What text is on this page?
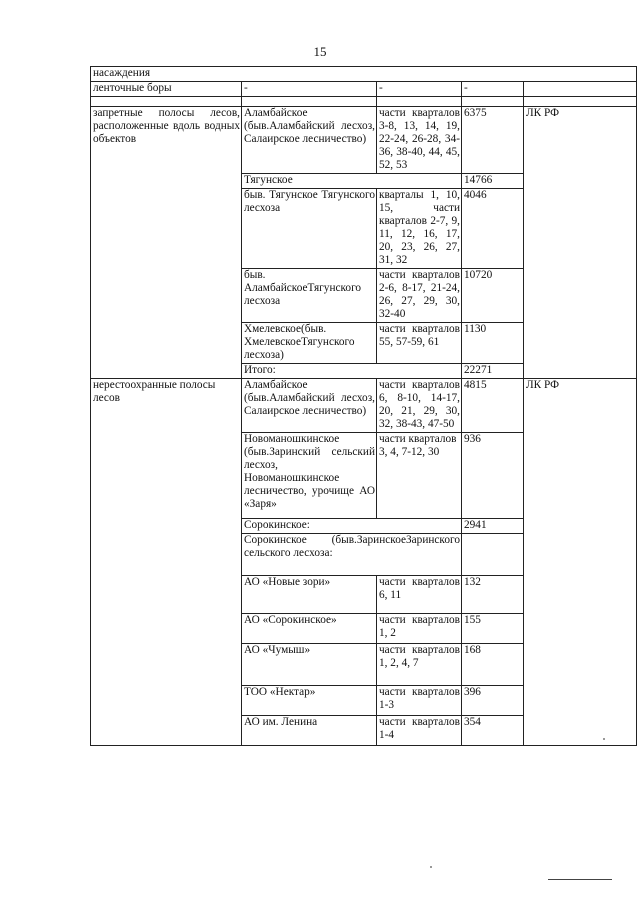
15
насаждения				
ленточные боры	-	-	-	

запретные полосы лесов, расположенные вдоль водных объектов	Аламбайское (быв.Аламбайский лесхоз, Салаирское лесничество)	части кварталов 3-8, 13, 14, 19, 22-24, 26-28, 34-36, 38-40, 44, 45, 52, 53	6375	ЛК РФ
	Тягунское		14766	
	быв. Тягунское Тягунского лесхоза	кварталы 1, 10, 15, части кварталов 2-7, 9, 11, 12, 16, 17, 20, 23, 26, 27, 31, 32	4046	
	быв. АламбайскоеТягунского лесхоза	части кварталов 2-6, 8-17, 21-24, 26, 27, 29, 30, 32-40	10720	
	Хмелевское(быв. ХмелевскоеТягунского лесхоза)	части кварталов 55, 57-59, 61	1130	
	Итого:		22271	
нерестоохранные полосы лесов	Аламбайское (быв.Аламбайский лесхоз, Салаирское лесничество)	части кварталов 6, 8-10, 14-17, 20, 21, 29, 30, 32, 38-43, 47-50	4815	ЛК РФ
	Новоманошкинское (быв.Заринский сельский лесхоз, Новоманошкинское лесничество, урочище АО «Заря»	части кварталов 3, 4, 7-12, 30	936	
	Сорокинское:		2941	
	Сорокинское (быв.ЗаринскоеЗаринского сельского лесхоза:			
	АО «Новые зори»	части кварталов 6, 11	132	
	АО «Сорокинское»	части кварталов 1, 2	155	
	АО «Чумыш»	части кварталов 1, 2, 4, 7	168	
	ТОО «Нектар»	части кварталов 1-3	396	
	АО им. Ленина	части кварталов 1-4	354	
